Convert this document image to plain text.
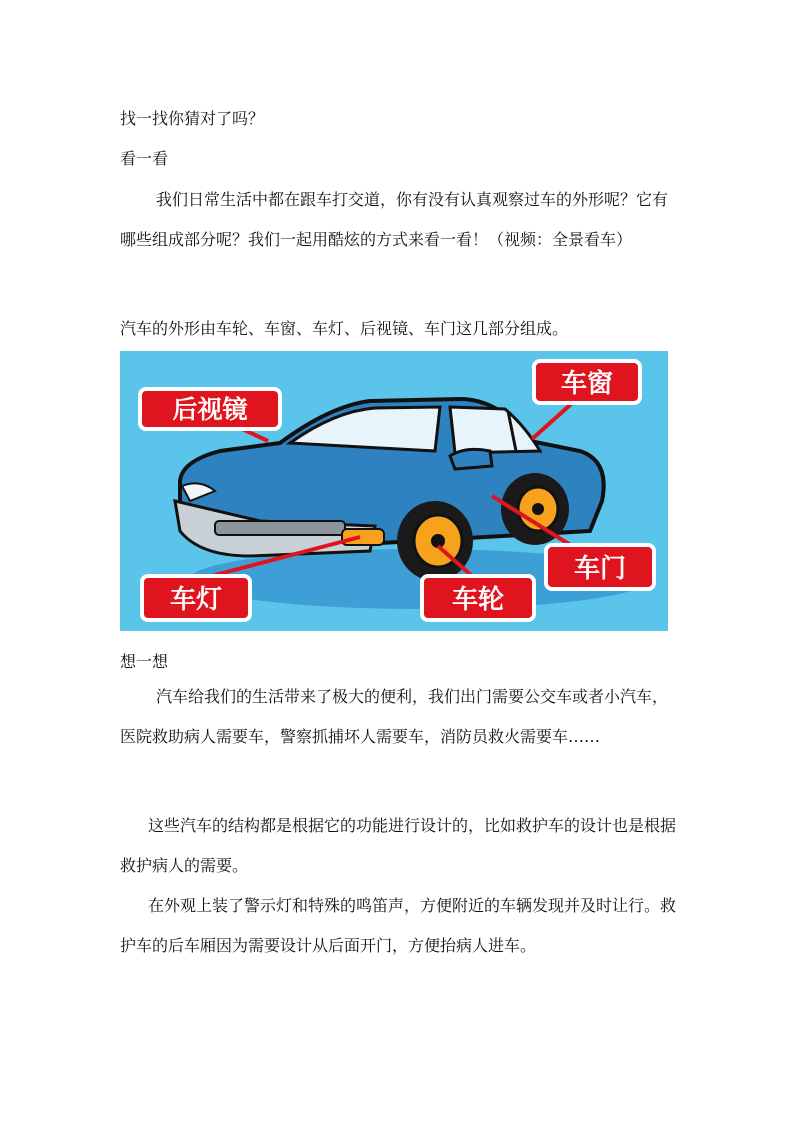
找一找你猜对了吗？
看一看
我们日常生活中都在跟车打交道，你有没有认真观察过车的外形呢？它有哪些组成部分呢？我们一起用酷炫的方式来看一看！（视频：全景看车）
汽车的外形由车轮、车窗、车灯、后视镜、车门这几部分组成。
后视镜
车窗
车灯	车轮
车门
想一想
汽车给我们的生活带来了极大的便利，我们出门需要公交车或者小汽车，医院救助病人需要车，警察抓捕坏人需要车，消防员救火需要车……
这些汽车的结构都是根据它的功能进行设计的，比如救护车的设计也是根据救护病人的需要。
在外观上装了警示灯和特殊的鸣笛声，方便附近的车辆发现并及时让行。救护车的后车厢因为需要设计从后面开门，方便抬病人进车。
